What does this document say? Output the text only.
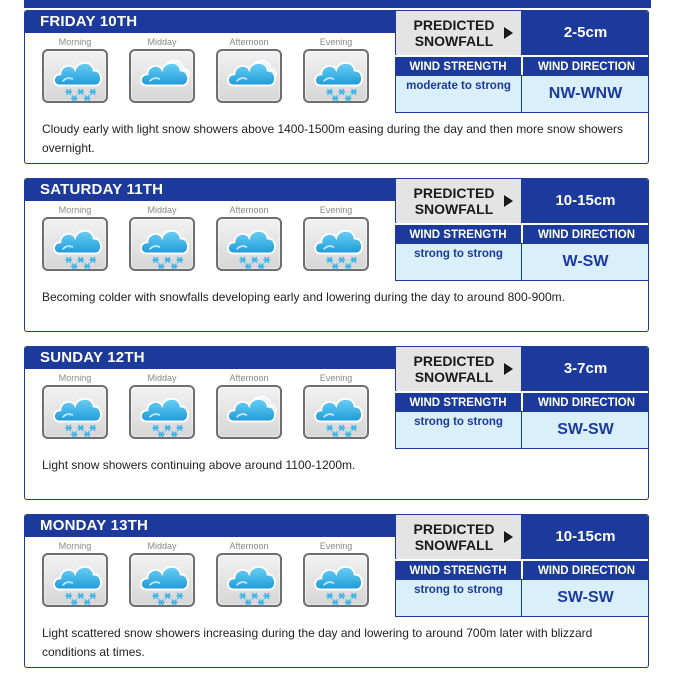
FRIDAY 10TH
Morning	Midday	Afternoon	Evening
PREDICTED SNOWFALL	2-5cm
WIND STRENGTH	WIND DIRECTION
moderate to strong	NW-WNW
Cloudy early with light snow showers above 1400-1500m easing during the day and then more snow showers overnight.
SATURDAY 11TH
Morning	Midday	Afternoon	Evening
PREDICTED SNOWFALL	10-15cm
WIND STRENGTH	WIND DIRECTION
strong to strong	W-SW
Becoming colder with snowfalls developing early and lowering during the day to around 800-900m.
SUNDAY 12TH
Morning	Midday	Afternoon	Evening
PREDICTED SNOWFALL	3-7cm
WIND STRENGTH	WIND DIRECTION
strong to strong	SW-SW
Light snow showers continuing above around 1100-1200m.
MONDAY 13TH
Morning	Midday	Afternoon	Evening
PREDICTED SNOWFALL	10-15cm
WIND STRENGTH	WIND DIRECTION
strong to strong	SW-SW
Light scattered snow showers increasing during the day and lowering to around 700m later with blizzard conditions at times.
